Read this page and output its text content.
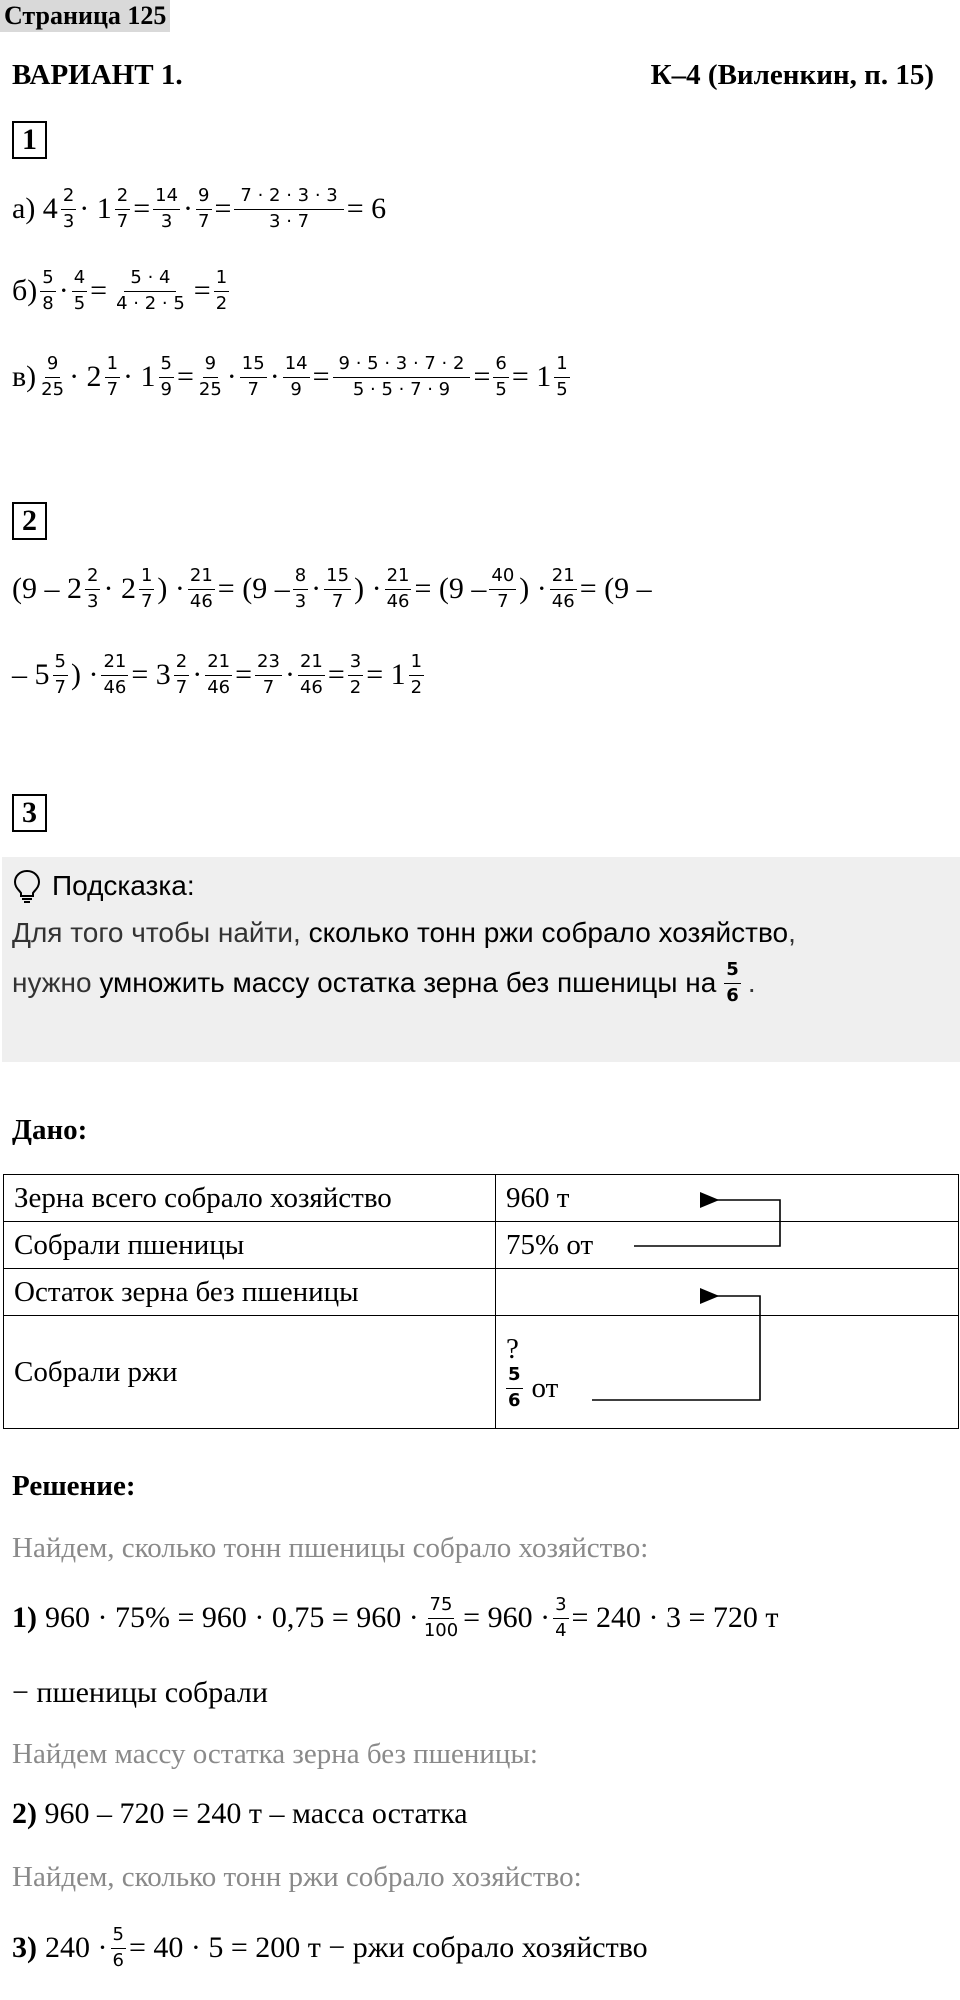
Страница 125
ВАРИАНТ 1.	К–4 (Виленкин, п. 15)
1
а) $4 \frac{2}{3} \cdot 1 \frac{2}{7} = \frac{14}{3} \cdot \frac{9}{7} = \frac{7 \cdot 2 \cdot 3 \cdot 3}{3 \cdot 7} = 6$
$б) \frac{5}{8} \cdot \frac{4}{5} = \frac{5 \cdot 4}{4 \cdot 2 \cdot 5} = \frac{1}{2}$
$в) \frac{9}{25} \cdot 2 \frac{1}{7} \cdot 1 \frac{5}{9} = \frac{9}{25} \cdot \frac{15}{7} \cdot \frac{14}{9} = \frac{9 \cdot 5 \cdot 3 \cdot 7 \cdot 2}{5 \cdot 5 \cdot 7 \cdot 9} = \frac{6}{5} = 1 \frac{1}{5}$
2
($9 - 2 \frac{2}{3} \cdot 2 \frac{1}{7}$ ) · $\frac{21}{46} = (9 - \frac{8}{3} \cdot \frac{15}{7}$ ) · $\frac{21}{46} = (9 - \frac{40}{7}$ ) · $\frac{21}{46} = (9$ –
– $5 \frac{5}{7}$ ) · $\frac{21}{46} = 3 \frac{2}{7} \cdot \frac{21}{46} = \frac{23}{7} \cdot \frac{21}{46} = \frac{3}{2} = 1 \frac{1}{2}$
3
Подсказка:
Для того чтобы найти, сколько тонн ржи собрало хозяйство,
нужно умножить массу остатка зерна без пшеницы на $\frac{5}{6}$ .
Дано:
Зерна всего собрало хозяйство	960 т
Собрали пшеницы	75% от
Остаток зерна без пшеницы	
Собрали ржи	?
$\frac{5}{6}$ от
Решение:
Найдем, сколько тонн пшеницы собрало хозяйство:
1) $960 \cdot 75\% = 960 \cdot 0,75 = 960 \cdot \frac{75}{100} = 960 \cdot \frac{3}{4} = 240 \cdot 3 = 720$ т
− пшеницы собрали
Найдем массу остатка зерна без пшеницы:
2) 960 – 720 = 240 т – масса остатка
Найдем, сколько тонн ржи собрало хозяйство:
3) $240 \cdot \frac{5}{6} = 40 \cdot 5 = 200$ т − ржи собрало хозяйство
